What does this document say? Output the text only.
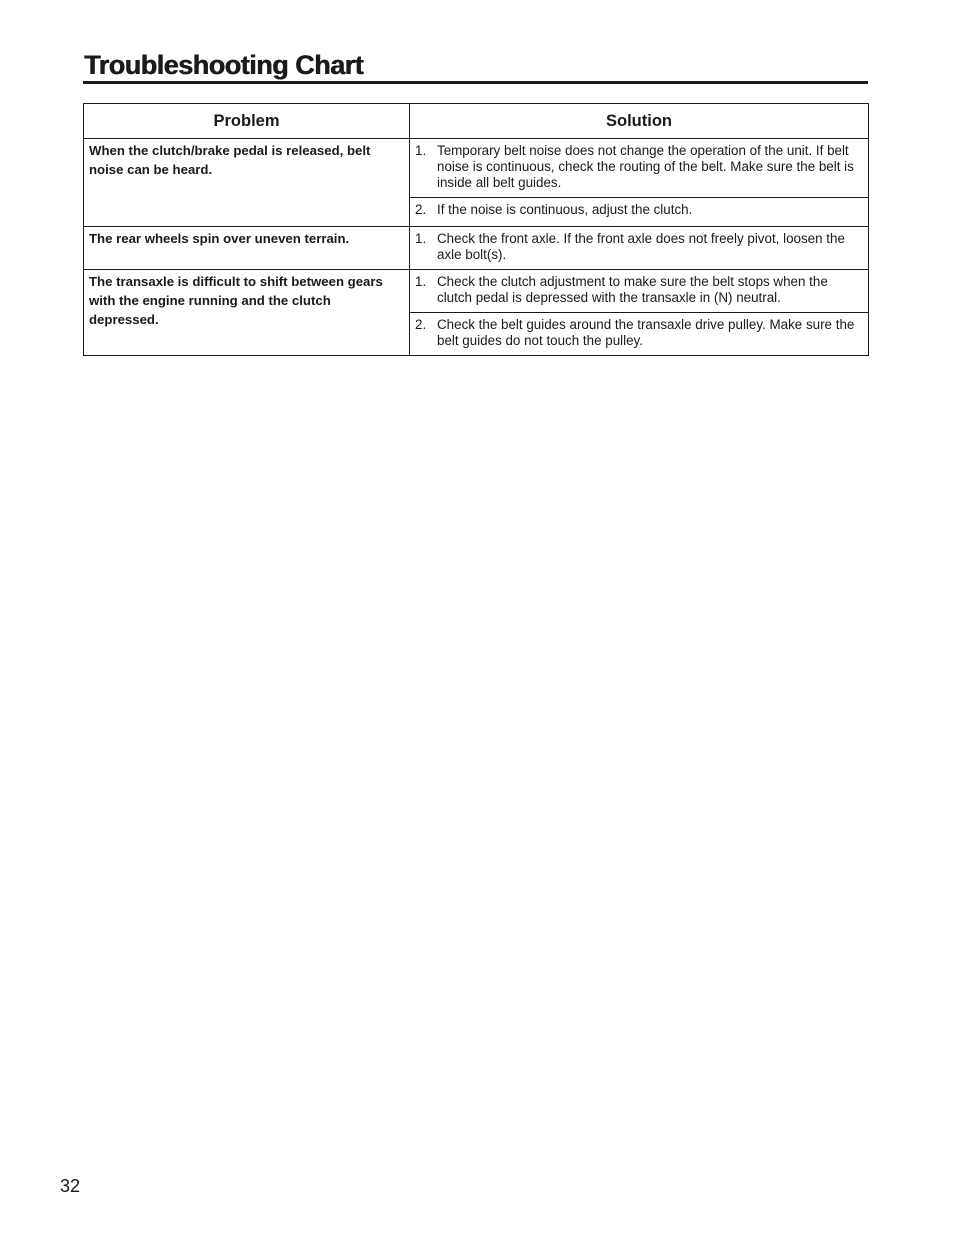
Troubleshooting Chart
Problem	Solution
When the clutch/brake pedal is released, belt noise can be heard.	1. Temporary belt noise does not change the operation of the unit. If belt noise is continuous, check the routing of the belt. Make sure the belt is inside all belt guides.

	2. If the noise is continuous, adjust the clutch.

The rear wheels spin over uneven terrain.	1. Check the front axle. If the front axle does not freely pivot, loosen the axle bolt(s).

The transaxle is difficult to shift between gears with the engine running and the clutch depressed.	1. Check the clutch adjustment to make sure the belt stops when the clutch pedal is depressed with the transaxle in (N) neutral.

	2. Check the belt guides around the transaxle drive pulley. Make sure the belt guides do not touch the pulley.
32
